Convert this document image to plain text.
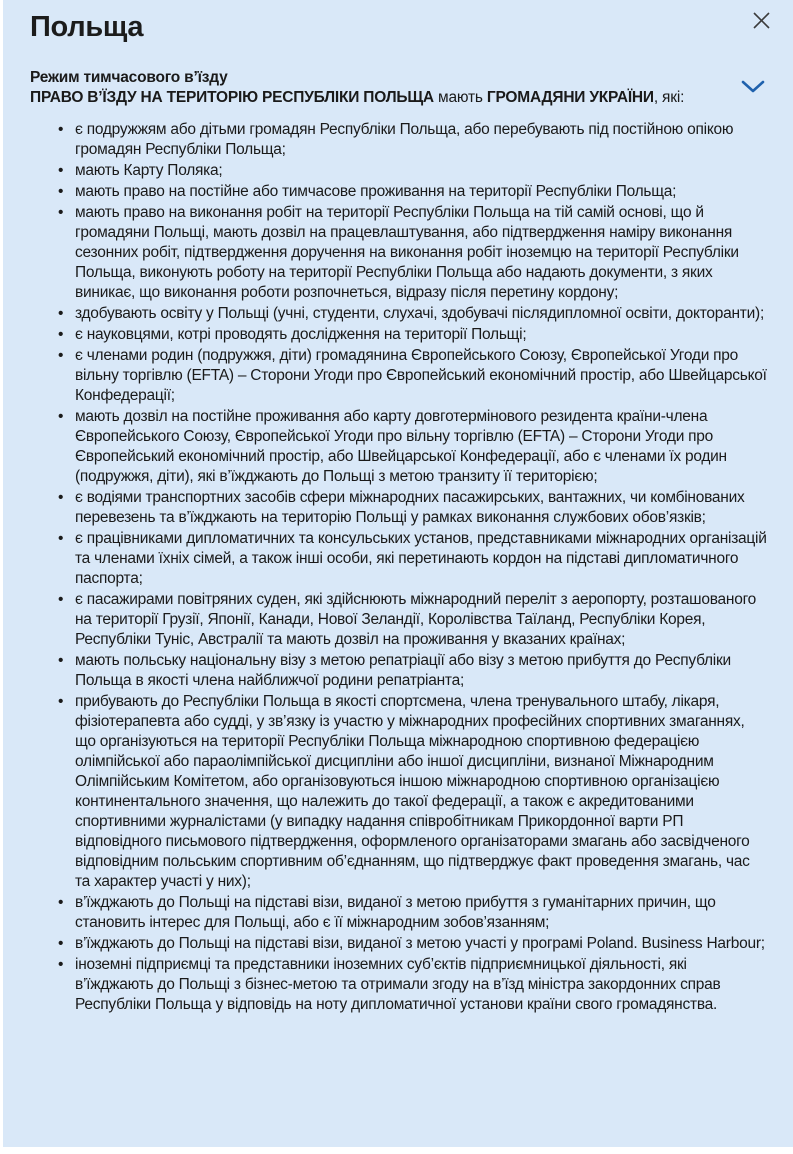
Польща
Режим тимчасового в’їзду
ПРАВО В’ЇЗДУ НА ТЕРИТОРІЮ РЕСПУБЛІКИ ПОЛЬЩА мають ГРОМАДЯНИ УКРАЇНИ, які:
• є подружжям або дітьми громадян Республіки Польща, або перебувають під постійною опікою громадян Республіки Польща;
• мають Карту Поляка;
• мають право на постійне або тимчасове проживання на території Республіки Польща;
• мають право на виконання робіт на території Республіки Польща на тій самій основі, що й громадяни Польщі, мають дозвіл на працевлаштування, або підтвердження наміру виконання сезонних робіт, підтвердження доручення на виконання робіт іноземцю на території Республіки Польща, виконують роботу на території Республіки Польща або надають документи, з яких виникає, що виконання роботи розпочнеться, відразу після перетину кордону;
• здобувають освіту у Польщі (учні, студенти, слухачі, здобувачі післядипломної освіти, докторанти);
• є науковцями, котрі проводять дослідження на території Польщі;
• є членами родин (подружжя, діти) громадянина Європейського Союзу, Європейської Угоди про вільну торгівлю (EFTA) – Сторони Угоди про Європейський економічний простір, або Швейцарської Конфедерації;
• мають дозвіл на постійне проживання або карту довготермінового резидента країни-члена Європейського Союзу, Європейської Угоди про вільну торгівлю (EFTA) – Сторони Угоди про Європейський економічний простір, або Швейцарської Конфедерації, або є членами їх родин (подружжя, діти), які в’їжджають до Польщі з метою транзиту її територією;
• є водіями транспортних засобів сфери міжнародних пасажирських, вантажних, чи комбінованих перевезень та в’їжджають на територію Польщі у рамках виконання службових обов’язків;
• є працівниками дипломатичних та консульських установ, представниками міжнародних організацій та членами їхніх сімей, а також інші особи, які перетинають кордон на підставі дипломатичного паспорта;
• є пасажирами повітряних суден, які здійснюють міжнародний переліт з аеропорту, розташованого на території Грузії, Японії, Канади, Нової Зеландії, Королівства Таїланд, Республіки Корея, Республіки Туніс, Австралії та мають дозвіл на проживання у вказаних країнах;
• мають польську національну візу з метою репатріації або візу з метою прибуття до Республіки Польща в якості члена найближчої родини репатріанта;
• прибувають до Республіки Польща в якості спортсмена, члена тренувального штабу, лікаря, фізіотерапевта або судді, у зв’язку із участю у міжнародних професійних спортивних змаганнях, що організуються на території Республіки Польща міжнародною спортивною федерацією олімпійської або параолімпійської дисципліни або іншої дисципліни, визнаної Міжнародним Олімпійським Комітетом, або організовуються іншою міжнародною спортивною організацією континентального значення, що належить до такої федерації, а також є акредитованими спортивними журналістами (у випадку надання співробітникам Прикордонної варти РП відповідного письмового підтвердження, оформленого організаторами змагань або засвідченого відповідним польським спортивним об’єднанням, що підтверджує факт проведення змагань, час та характер участі у них);
• в’їжджають до Польщі на підставі візи, виданої з метою прибуття з гуманітарних причин, що становить інтерес для Польщі, або є її міжнародним зобов’язанням;
• в’їжджають до Польщі на підставі візи, виданої з метою участі у програмі Poland. Business Harbour;
• іноземні підприємці та представники іноземних суб’єктів підприємницької діяльності, які в’їжджають до Польщі з бізнес-метою та отримали згоду на в’їзд міністра закордонних справ Республіки Польща у відповідь на ноту дипломатичної установи країни свого громадянства.
